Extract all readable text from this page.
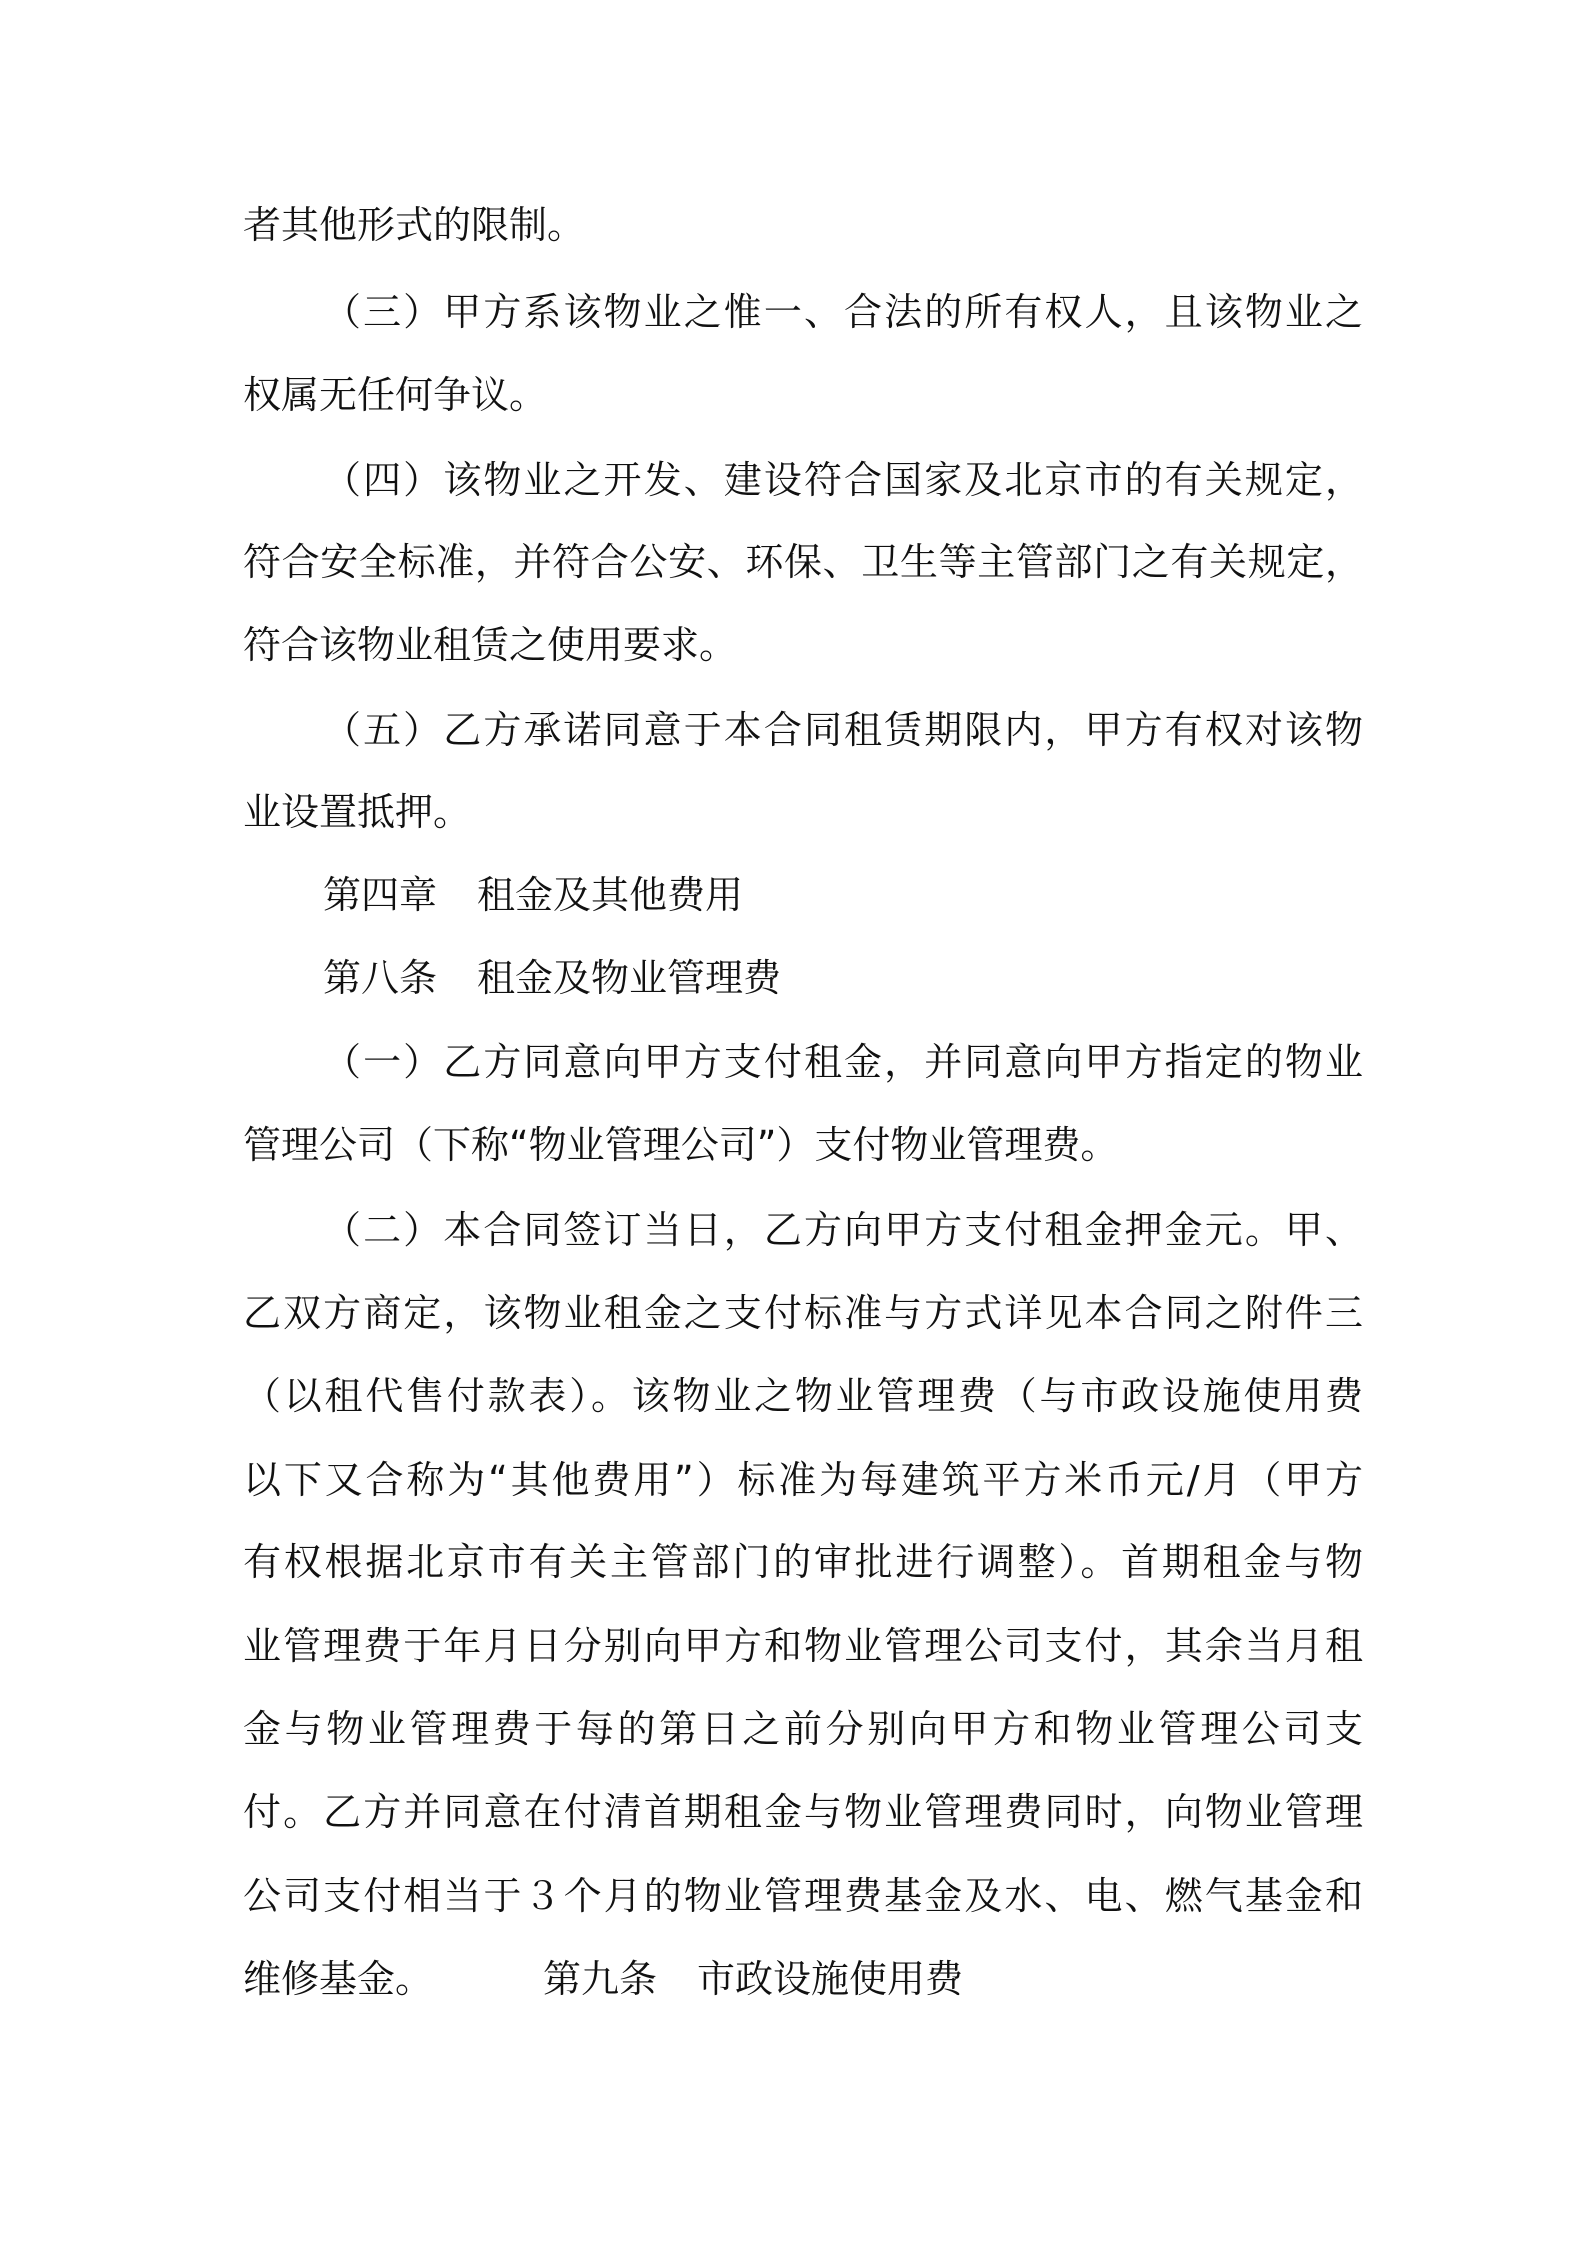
者其他形式的限制。
（三）甲方系该物业之惟一、合法的所有权人，且该物业之
权属无任何争议。
（四）该物业之开发、建设符合国家及北京市的有关规定，
符合安全标准，并符合公安、环保、卫生等主管部门之有关规定，
符合该物业租赁之使用要求。
（五）乙方承诺同意于本合同租赁期限内，甲方有权对该物
业设置抵押。
第四章 租金及其他费用
第八条 租金及物业管理费
（一）乙方同意向甲方支付租金，并同意向甲方指定的物业
管理公司（下称“物业管理公司”）支付物业管理费。
（二）本合同签订当日，乙方向甲方支付租金押金元。甲、
乙双方商定，该物业租金之支付标准与方式详见本合同之附件三
（以租代售付款表）。该物业之物业管理费（与市政设施使用费
以下又合称为“其他费用”）标准为每建筑平方米币元/月（甲方
有权根据北京市有关主管部门的审批进行调整）。首期租金与物
业管理费于年月日分别向甲方和物业管理公司支付，其余当月租
金与物业管理费于每的第日之前分别向甲方和物业管理公司支
付。乙方并同意在付清首期租金与物业管理费同时，向物业管理
公司支付相当于３个月的物业管理费基金及水、电、燃气基金和
维修基金。	第九条 市政设施使用费
